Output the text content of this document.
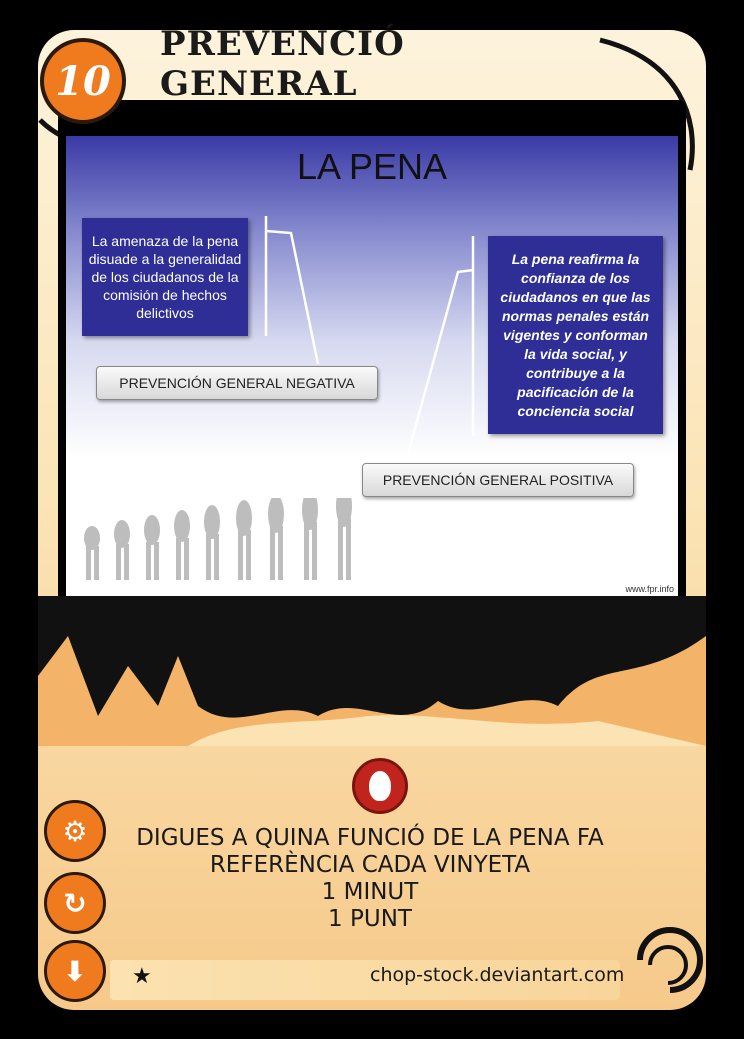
10
PREVENCIÓ GENERAL
LA PENA
La amenaza de la pena disuade a la generalidad de los ciudadanos de la comisión de hechos delictivos
La pena reafirma la confianza de los ciudadanos en que las normas penales están vigentes y conforman la vida social, y contribuye a la pacificación de la conciencia social
PREVENCIÓN GENERAL NEGATIVA
PREVENCIÓN GENERAL POSITIVA
www.fpr.info
DIGUES A QUINA FUNCIÓ DE LA PENA FA
REFERÈNCIA CADA VINYETA
1 MINUT
1 PUNT
⚙
↻
⬇	★	chop-stock.deviantart.com
